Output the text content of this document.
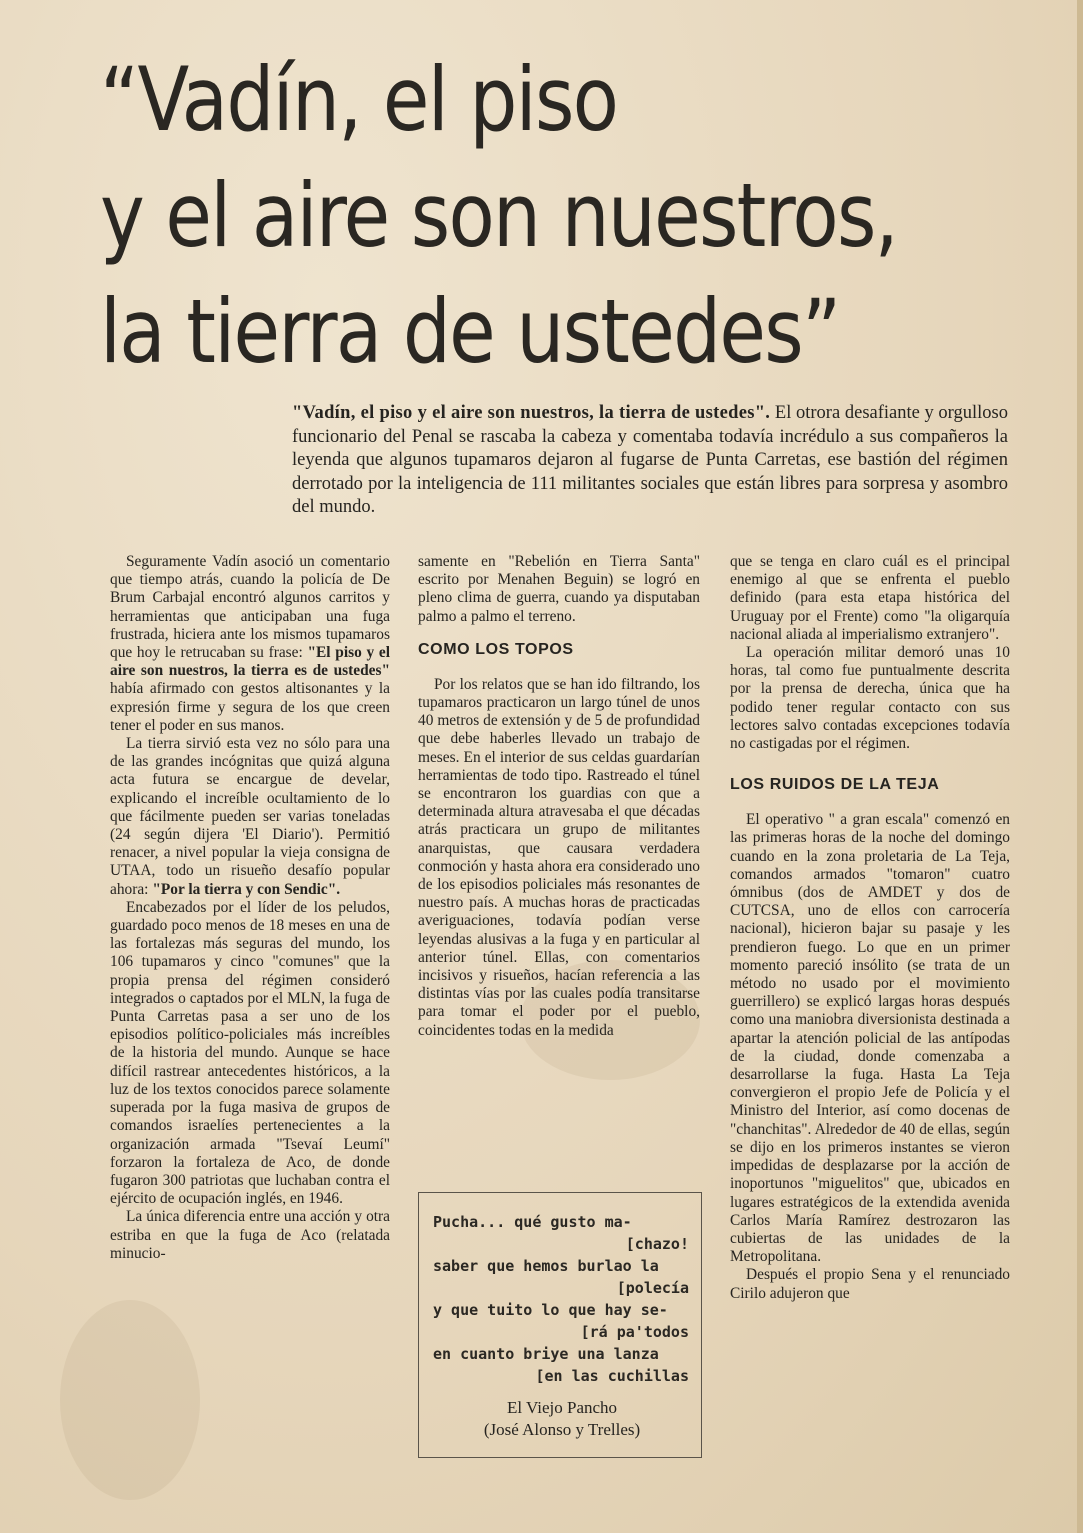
“Vadín, el piso
y el aire son nuestros,
la tierra de ustedes”
"Vadín, el piso y el aire son nuestros, la tierra de ustedes". El otrora desafiante y orgulloso funcionario del Penal se rascaba la cabeza y comentaba todavía incrédulo a sus compañeros la leyenda que algunos tupamaros dejaron al fugarse de Punta Carretas, ese bastión del régimen derrotado por la inteligencia de 111 militantes sociales que están libres para sorpresa y asombro del mundo.

Seguramente Vadín asoció un comentario que tiempo atrás, cuando la policía de De Brum Carbajal encontró algunos carritos y herramientas que anticipaban una fuga frustrada, hiciera ante los mismos tupamaros que hoy le retrucaban su frase: "El piso y el aire son nuestros, la tierra es de ustedes" había afirmado con gestos altisonantes y la expresión firme y segura de los que creen tener el poder en sus manos.

La tierra sirvió esta vez no sólo para una de las grandes incógnitas que quizá alguna acta futura se encargue de develar, explicando el increíble ocultamiento de lo que fácilmente pueden ser varias toneladas (24 según dijera 'El Diario'). Permitió renacer, a nivel popular la vieja consigna de UTAA, todo un risueño desafío popular ahora: "Por la tierra y con Sendic".

Encabezados por el líder de los peludos, guardado poco menos de 18 meses en una de las fortalezas más seguras del mundo, los 106 tupamaros y cinco "comunes" que la propia prensa del régimen consideró integrados o captados por el MLN, la fuga de Punta Carretas pasa a ser uno de los episodios político-policiales más increíbles de la historia del mundo. Aunque se hace difícil rastrear antecedentes históricos, a la luz de los textos conocidos parece solamente superada por la fuga masiva de grupos de comandos israelíes pertenecientes a la organización armada "Tsevaí Leumí" forzaron la fortaleza de Aco, de donde fugaron 300 patriotas que luchaban contra el ejército de ocupación inglés, en 1946.

La única diferencia entre una acción y otra estriba en que la fuga de Aco (relatada minucio-

samente en "Rebelión en Tierra Santa" escrito por Menahen Beguin) se logró en pleno clima de guerra, cuando ya disputaban palmo a palmo el terreno.

COMO LOS TOPOS

Por los relatos que se han ido filtrando, los tupamaros practicaron un largo túnel de unos 40 metros de extensión y de 5 de profundidad que debe haberles llevado un trabajo de meses. En el interior de sus celdas guardarían herramientas de todo tipo. Rastreado el túnel se encontraron los guardias con que a determinada altura atravesaba el que décadas atrás practicara un grupo de militantes anarquistas, que causara verdadera conmoción y hasta ahora era considerado uno de los episodios policiales más resonantes de nuestro país. A muchas horas de practicadas averiguaciones, todavía podían verse leyendas alusivas a la fuga y en particular al anterior túnel. Ellas, con comentarios incisivos y risueños, hacían referencia a las distintas vías por las cuales podía transitarse para tomar el poder por el pueblo, coincidentes todas en la medida

Pucha... qué gusto ma-
[chazo!
saber que hemos burlao la
[polecía
y que tuito lo que hay se-
[rá pa'todos
en cuanto briye una lanza
[en las cuchillas
El Viejo Pancho
(José Alonso y Trelles)

que se tenga en claro cuál es el principal enemigo al que se enfrenta el pueblo definido (para esta etapa histórica del Uruguay por el Frente) como "la oligarquía nacional aliada al imperialismo extranjero".

La operación militar demoró unas 10 horas, tal como fue puntualmente descrita por la prensa de derecha, única que ha podido tener regular contacto con sus lectores salvo contadas excepciones todavía no castigadas por el régimen.

LOS RUIDOS DE LA TEJA

El operativo " a gran escala" comenzó en las primeras horas de la noche del domingo cuando en la zona proletaria de La Teja, comandos armados "tomaron" cuatro ómnibus (dos de AMDET y dos de CUTCSA, uno de ellos con carrocería nacional), hicieron bajar su pasaje y les prendieron fuego. Lo que en un primer momento pareció insólito (se trata de un método no usado por el movimiento guerrillero) se explicó largas horas después como una maniobra diversionista destinada a apartar la atención policial de las antípodas de la ciudad, donde comenzaba a desarrollarse la fuga. Hasta La Teja convergieron el propio Jefe de Policía y el Ministro del Interior, así como docenas de "chanchitas". Alrededor de 40 de ellas, según se dijo en los primeros instantes se vieron impedidas de desplazarse por la acción de inoportunos "miguelitos" que, ubicados en lugares estratégicos de la extendida avenida Carlos María Ramírez destrozaron las cubiertas de las unidades de la Metropolitana.

Después el propio Sena y el renunciado Cirilo adujeron que
